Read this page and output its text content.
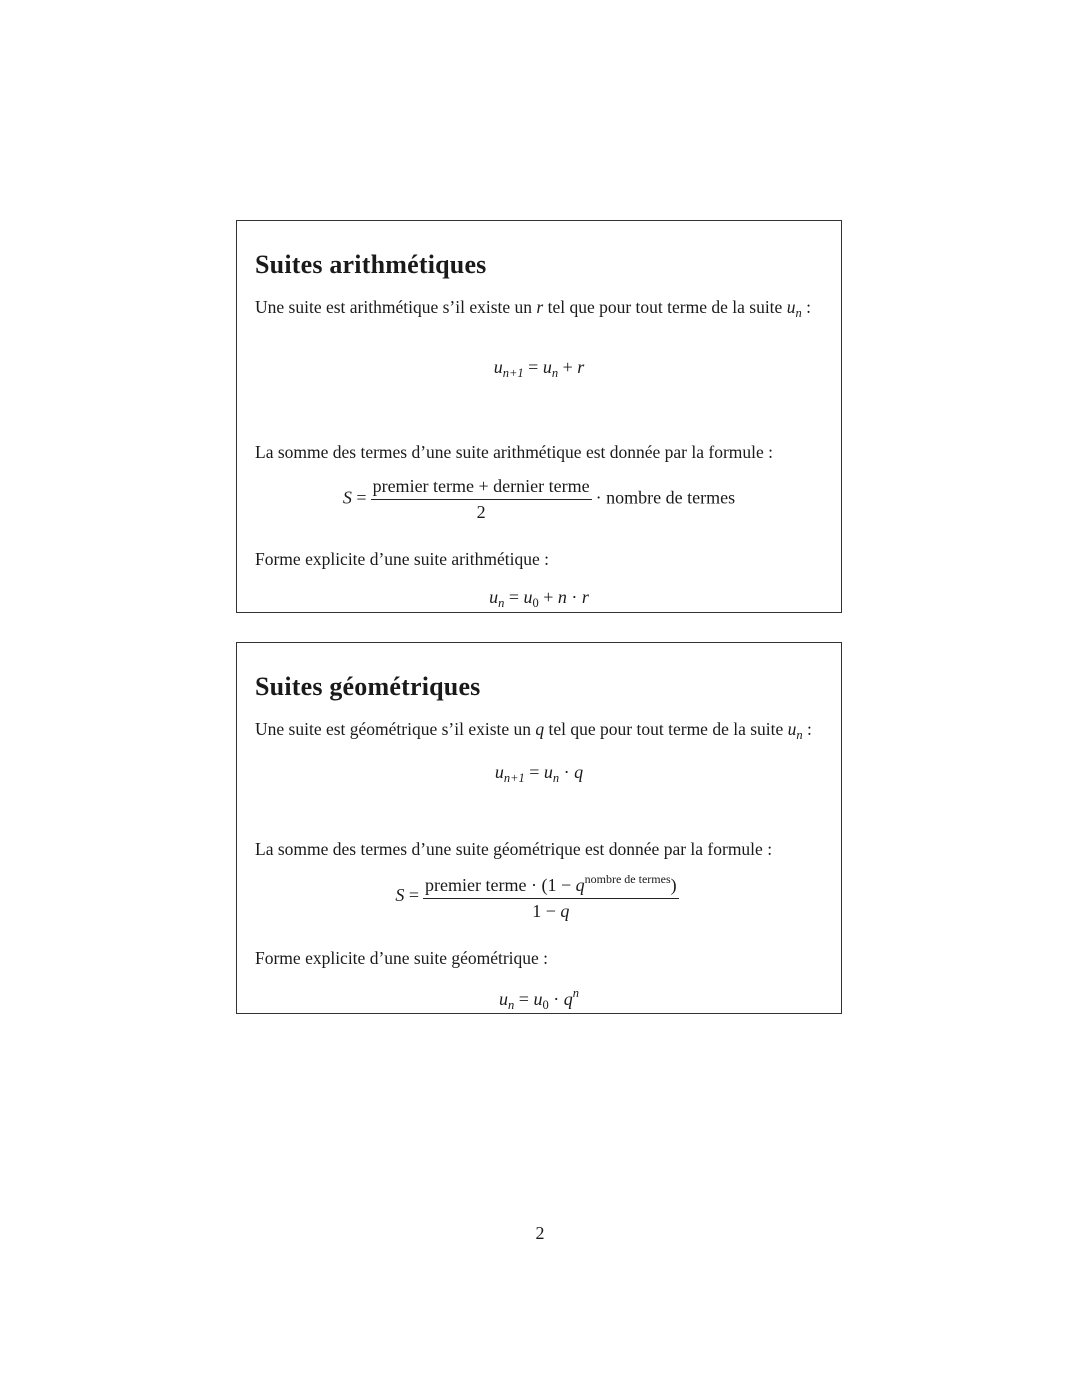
Suites arithmétiques

Une suite est arithmétique s’il existe un r tel que pour tout terme de la suite $u_n$ :

$u_{n+1} = u_n + r$

La somme des termes d’une suite arithmétique est donnée par la formule :

$S = \frac{\text{premier terme + dernier terme}}{2}$ · nombre de termes

Forme explicite d’une suite arithmétique :

$u_n = u_0 + n \cdot r$
Suites géométriques

Une suite est géométrique s’il existe un q tel que pour tout terme de la suite $u_n$ :

$u_{n+1} = u_n \cdot q$

La somme des termes d’une suite géométrique est donnée par la formule :

$S = \frac{premier terme \cdot (1 - q^{nombre de termes})}{1 - q}$

Forme explicite d’une suite géométrique :

$u_n = u_0 \cdot q^n$
2
